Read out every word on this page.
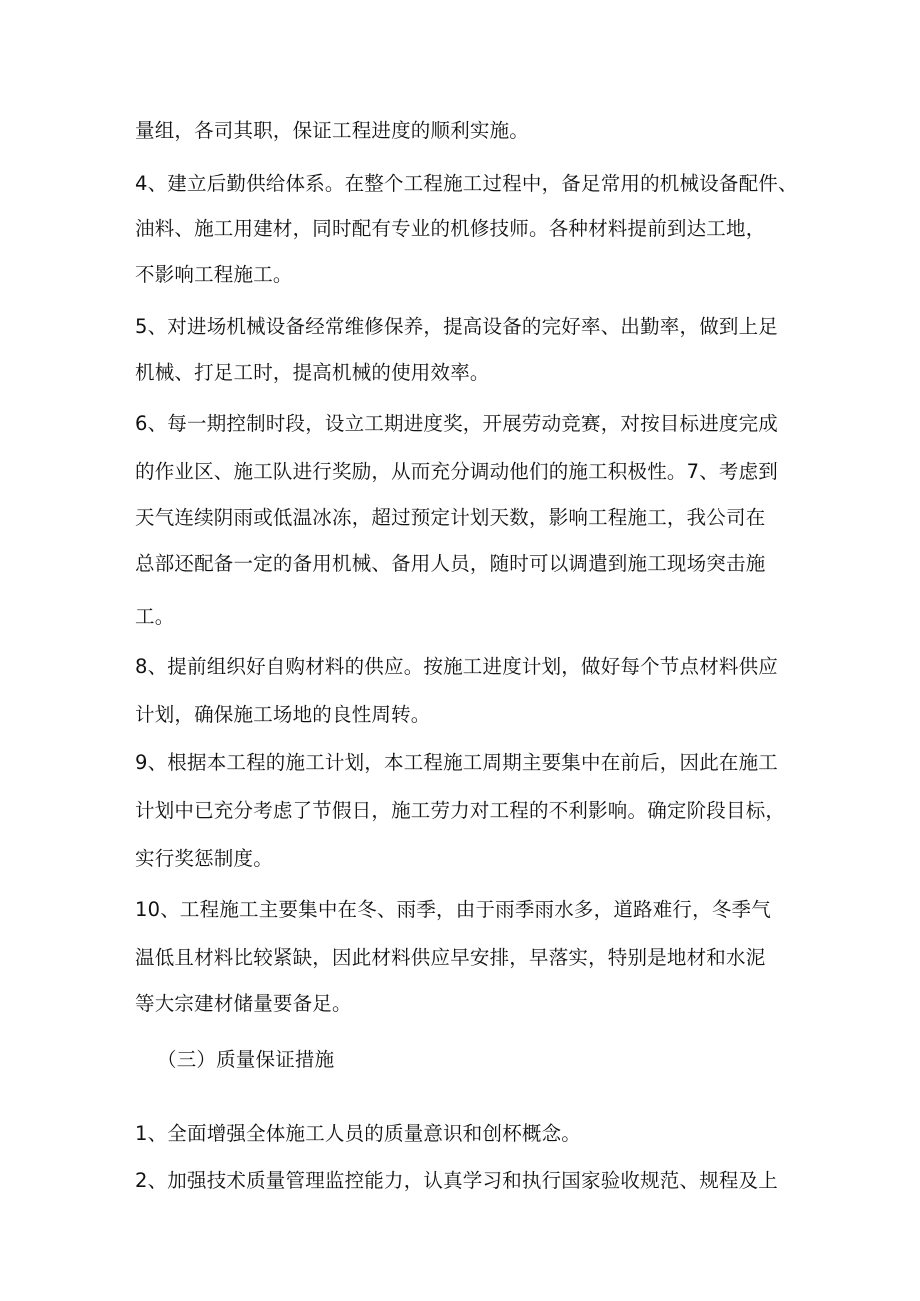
量组，各司其职，保证工程进度的顺利实施。
4、建立后勤供给体系。在整个工程施工过程中，备足常用的机械设备配件、
油料、施工用建材，同时配有专业的机修技师。各种材料提前到达工地，
不影响工程施工。
5、对进场机械设备经常维修保养，提高设备的完好率、出勤率，做到上足
机械、打足工时，提高机械的使用效率。
6、每一期控制时段，设立工期进度奖，开展劳动竞赛，对按目标进度完成
的作业区、施工队进行奖励，从而充分调动他们的施工积极性。7、考虑到
天气连续阴雨或低温冰冻，超过预定计划天数，影响工程施工，我公司在
总部还配备一定的备用机械、备用人员，随时可以调遣到施工现场突击施
工。
8、提前组织好自购材料的供应。按施工进度计划，做好每个节点材料供应
计划，确保施工场地的良性周转。
9、根据本工程的施工计划，本工程施工周期主要集中在前后，因此在施工
计划中已充分考虑了节假日，施工劳力对工程的不利影响。确定阶段目标，
实行奖惩制度。
10、工程施工主要集中在冬、雨季，由于雨季雨水多，道路难行，冬季气
温低且材料比较紧缺，因此材料供应早安排，早落实，特别是地材和水泥
等大宗建材储量要备足。
（三）质量保证措施
1、全面增强全体施工人员的质量意识和创杯概念。
2、加强技术质量管理监控能力，认真学习和执行国家验收规范、规程及上
